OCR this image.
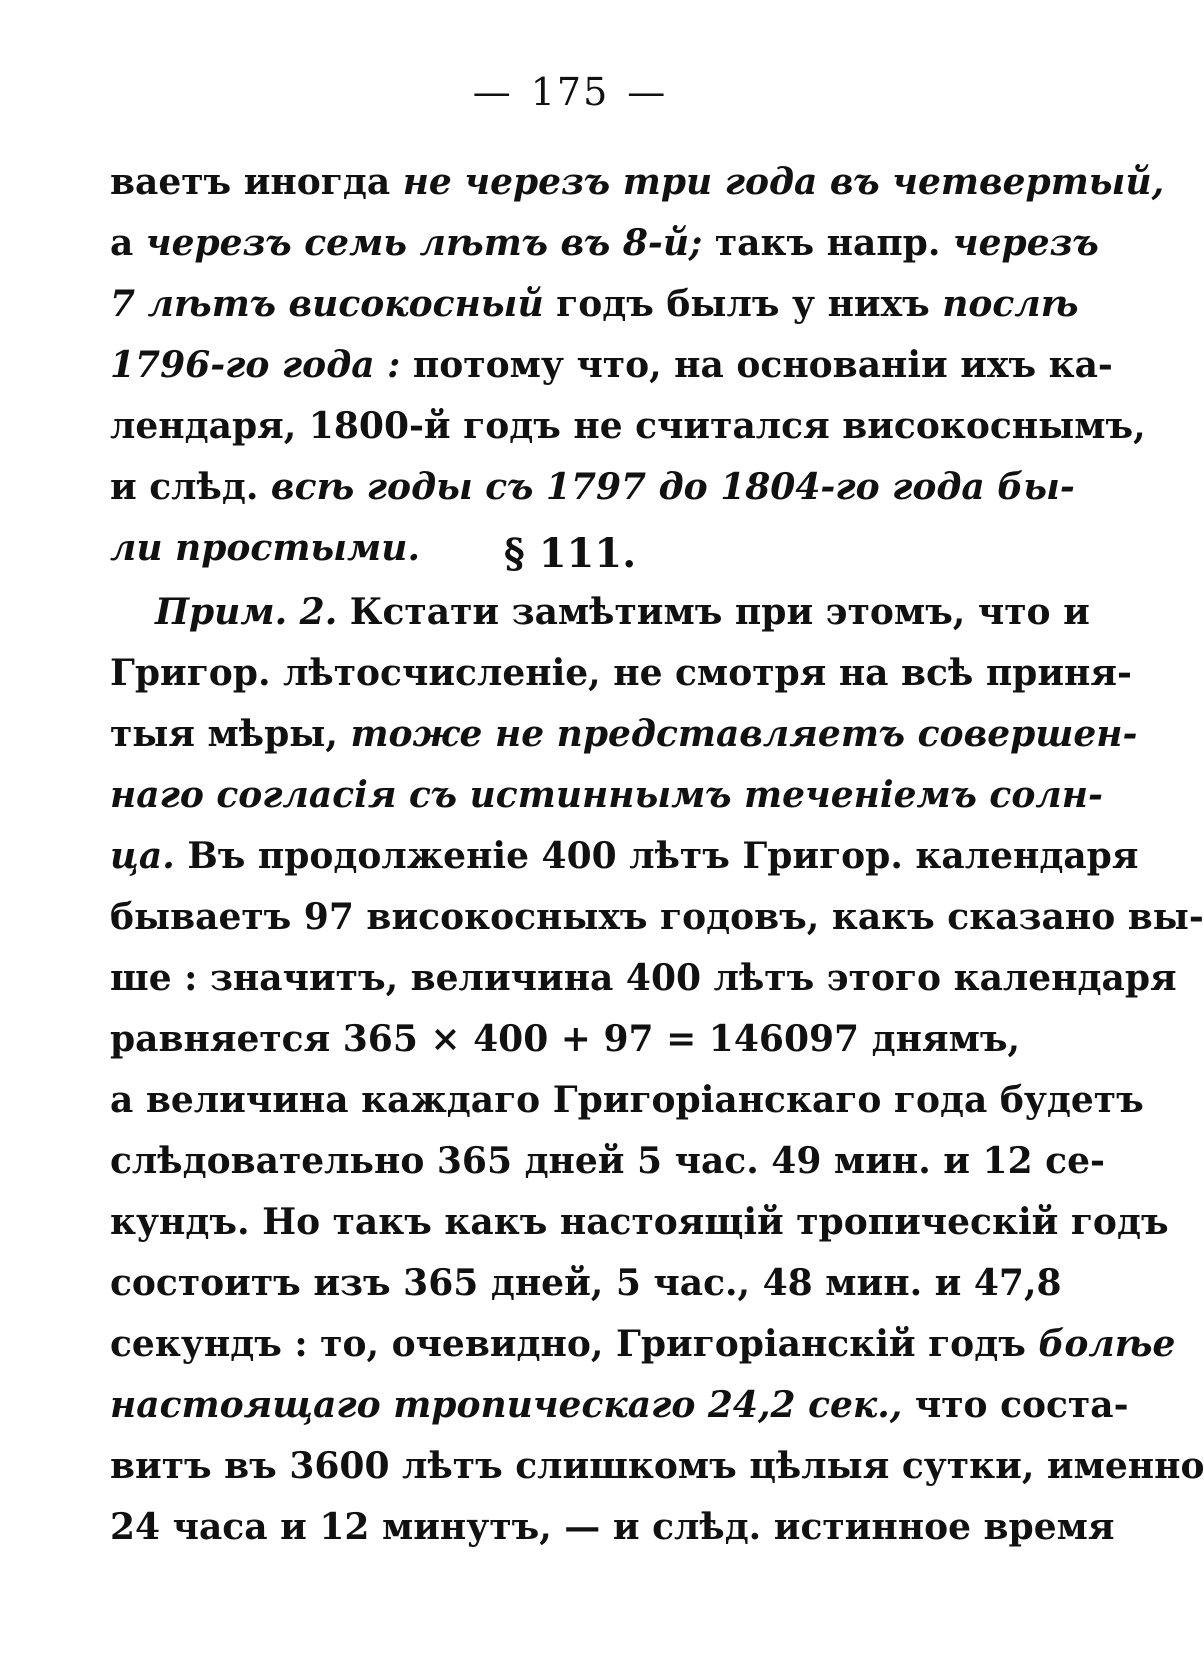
— 175 —
ваетъ иногда не черезъ три года въ четвертый,
а черезъ семь лѣтъ въ 8-й; такъ напр. черезъ
7 лѣтъ високосный годъ былъ у нихъ послѣ
1796-го года : потому что, на основаніи ихъ ка-
лендаря, 1800-й годъ не считался високоснымъ,
и слѣд. всѣ годы съ 1797 до 1804-го года бы-
ли простыми.	§ 111.
Прим. 2. Кстати замѣтимъ при этомъ, что и
Григор. лѣтосчисленіе, не смотря на всѣ приня-
тыя мѣры, тоже не представляетъ совершен-
наго согласія съ истиннымъ теченіемъ солн-
ца. Въ продолженіе 400 лѣтъ Григор. календаря
бываетъ 97 високосныхъ годовъ, какъ сказано вы-
ше : значитъ, величина 400 лѣтъ этого календаря
равняется 365 × 400 + 97 = 146097 днямъ,
а величина каждаго Григоріанскаго года будетъ
слѣдовательно 365 дней 5 час. 49 мин. и 12 се-
кундъ. Но такъ какъ настоящій тропическій годъ
состоитъ изъ 365 дней, 5 час., 48 мин. и 47,8
секундъ : то, очевидно, Григоріанскій годъ болѣе
настоящаго тропическаго 24,2 сек., что соста-
витъ въ 3600 лѣтъ слишкомъ цѣлыя сутки, именно
24 часа и 12 минутъ, — и слѣд. истинное время
